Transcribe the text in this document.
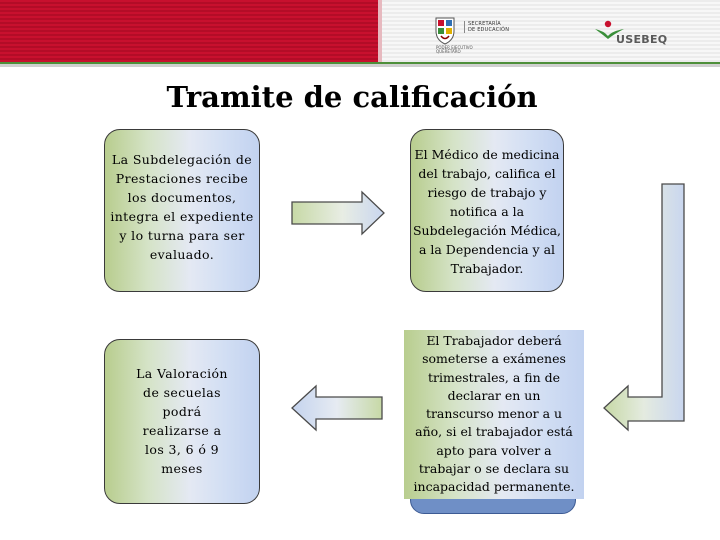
SECRETARÍA
DE EDUCACIÓN
PODER EJECUTIVO
QUERÉTARO
USEBEQ
Tramite de calificación
La Subdelegación de
Prestaciones recibe
los documentos,
integra el expediente
y lo turna para ser
evaluado.
El Médico de medicina
del trabajo, califica el
riesgo de trabajo y
notifica a la
Subdelegación Médica,
a la Dependencia y al
Trabajador.
El Trabajador deberá
someterse a exámenes
trimestrales, a fin de
declarar en un
transcurso menor a u
año, si el trabajador está
apto para volver a
trabajar o se declara su
incapacidad permanente.
La Valoración
de secuelas
podrá
realizarse a
los 3, 6 ó 9
meses
